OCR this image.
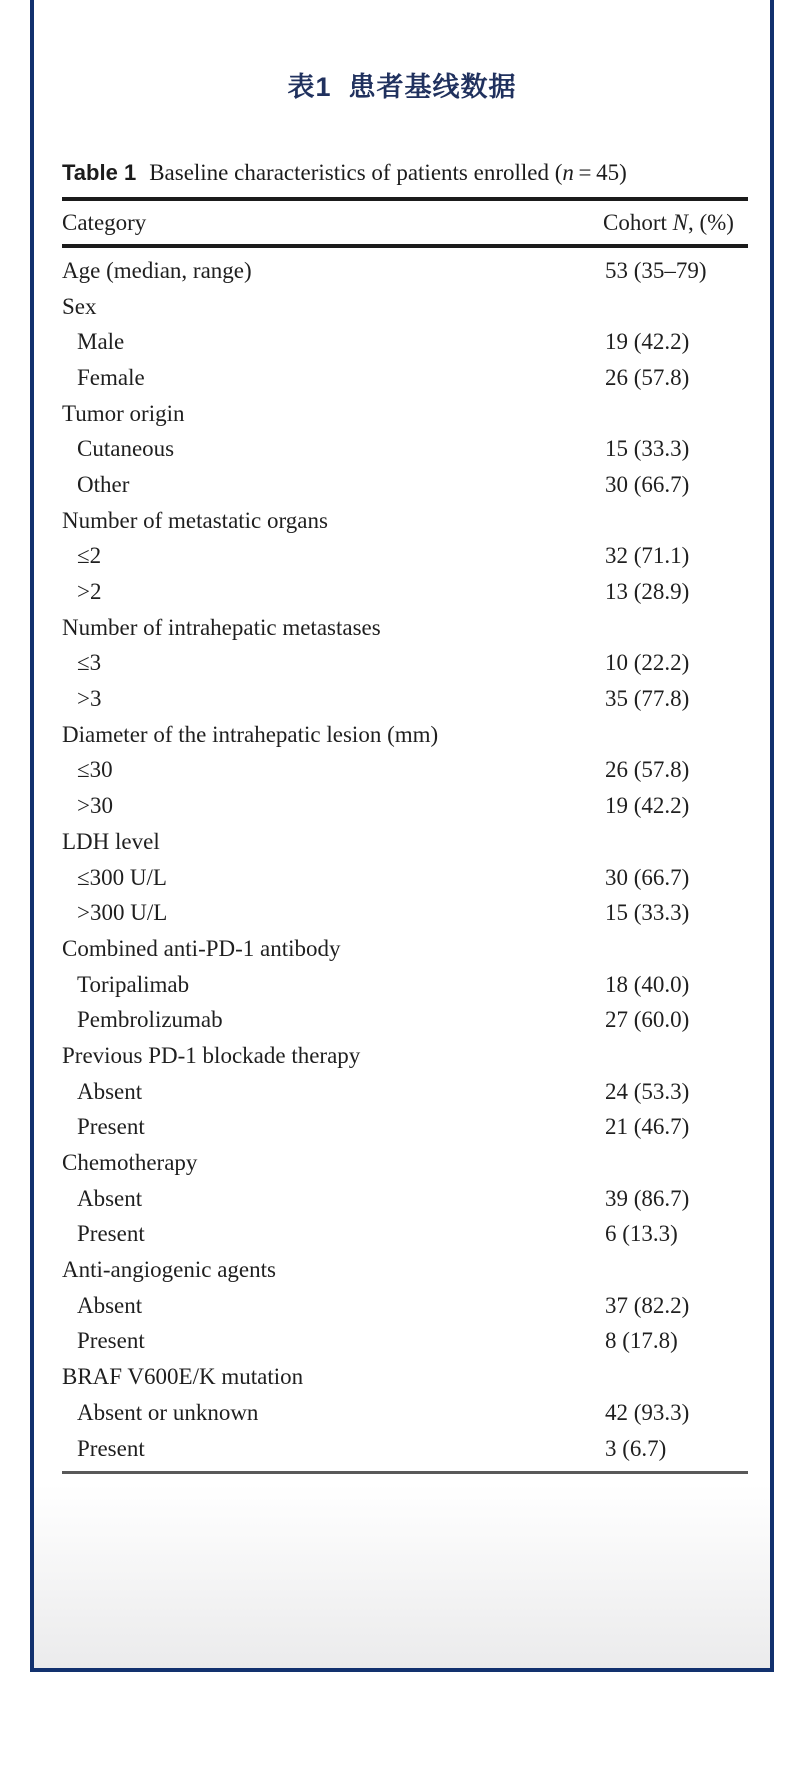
表1  患者基线数据
Table 1 Baseline characteristics of patients enrolled (n = 45)
Category	Cohort N, (%)
Age (median, range)	53 (35–79)
Sex
Male	19 (42.2)
Female	26 (57.8)
Tumor origin
Cutaneous	15 (33.3)
Other	30 (66.7)
Number of metastatic organs
≤2	32 (71.1)
>2	13 (28.9)
Number of intrahepatic metastases
≤3	10 (22.2)
>3	35 (77.8)
Diameter of the intrahepatic lesion (mm)
≤30	26 (57.8)
>30	19 (42.2)
LDH level
≤300 U/L	30 (66.7)
>300 U/L	15 (33.3)
Combined anti-PD-1 antibody
Toripalimab	18 (40.0)
Pembrolizumab	27 (60.0)
Previous PD-1 blockade therapy
Absent	24 (53.3)
Present	21 (46.7)
Chemotherapy
Absent	39 (86.7)
Present	6 (13.3)
Anti-angiogenic agents
Absent	37 (82.2)
Present	8 (17.8)
BRAF V600E/K mutation
Absent or unknown	42 (93.3)
Present	3 (6.7)
